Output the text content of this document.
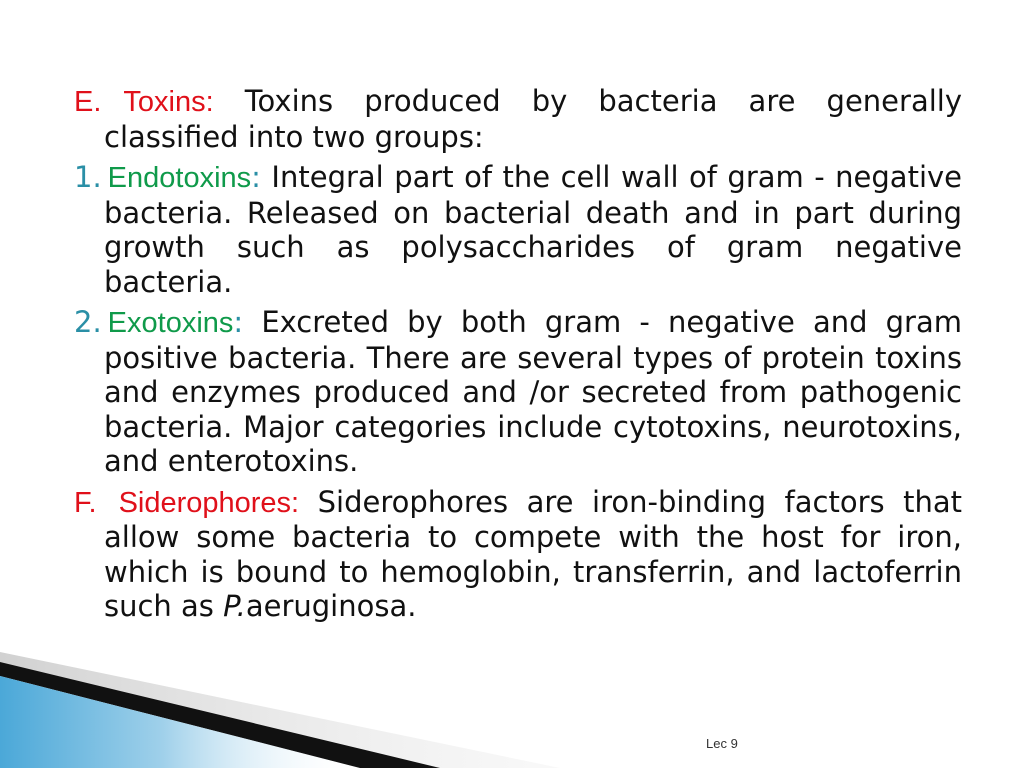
E. Toxins: Toxins produced by bacteria are generally classified into two groups:

1. Endotoxins: Integral part of the cell wall of gram - negative bacteria. Released on bacterial death and in part during growth such as polysaccharides of gram negative bacteria.

2. Exotoxins: Excreted by both gram - negative and gram positive bacteria. There are several types of protein toxins and enzymes produced and /or secreted from pathogenic bacteria. Major categories include cytotoxins, neurotoxins, and enterotoxins.

F. Siderophores: Siderophores are iron-binding factors that allow some bacteria to compete with the host for iron, which is bound to hemoglobin, transferrin, and lactoferrin such as P.aeruginosa.

Lec 9
